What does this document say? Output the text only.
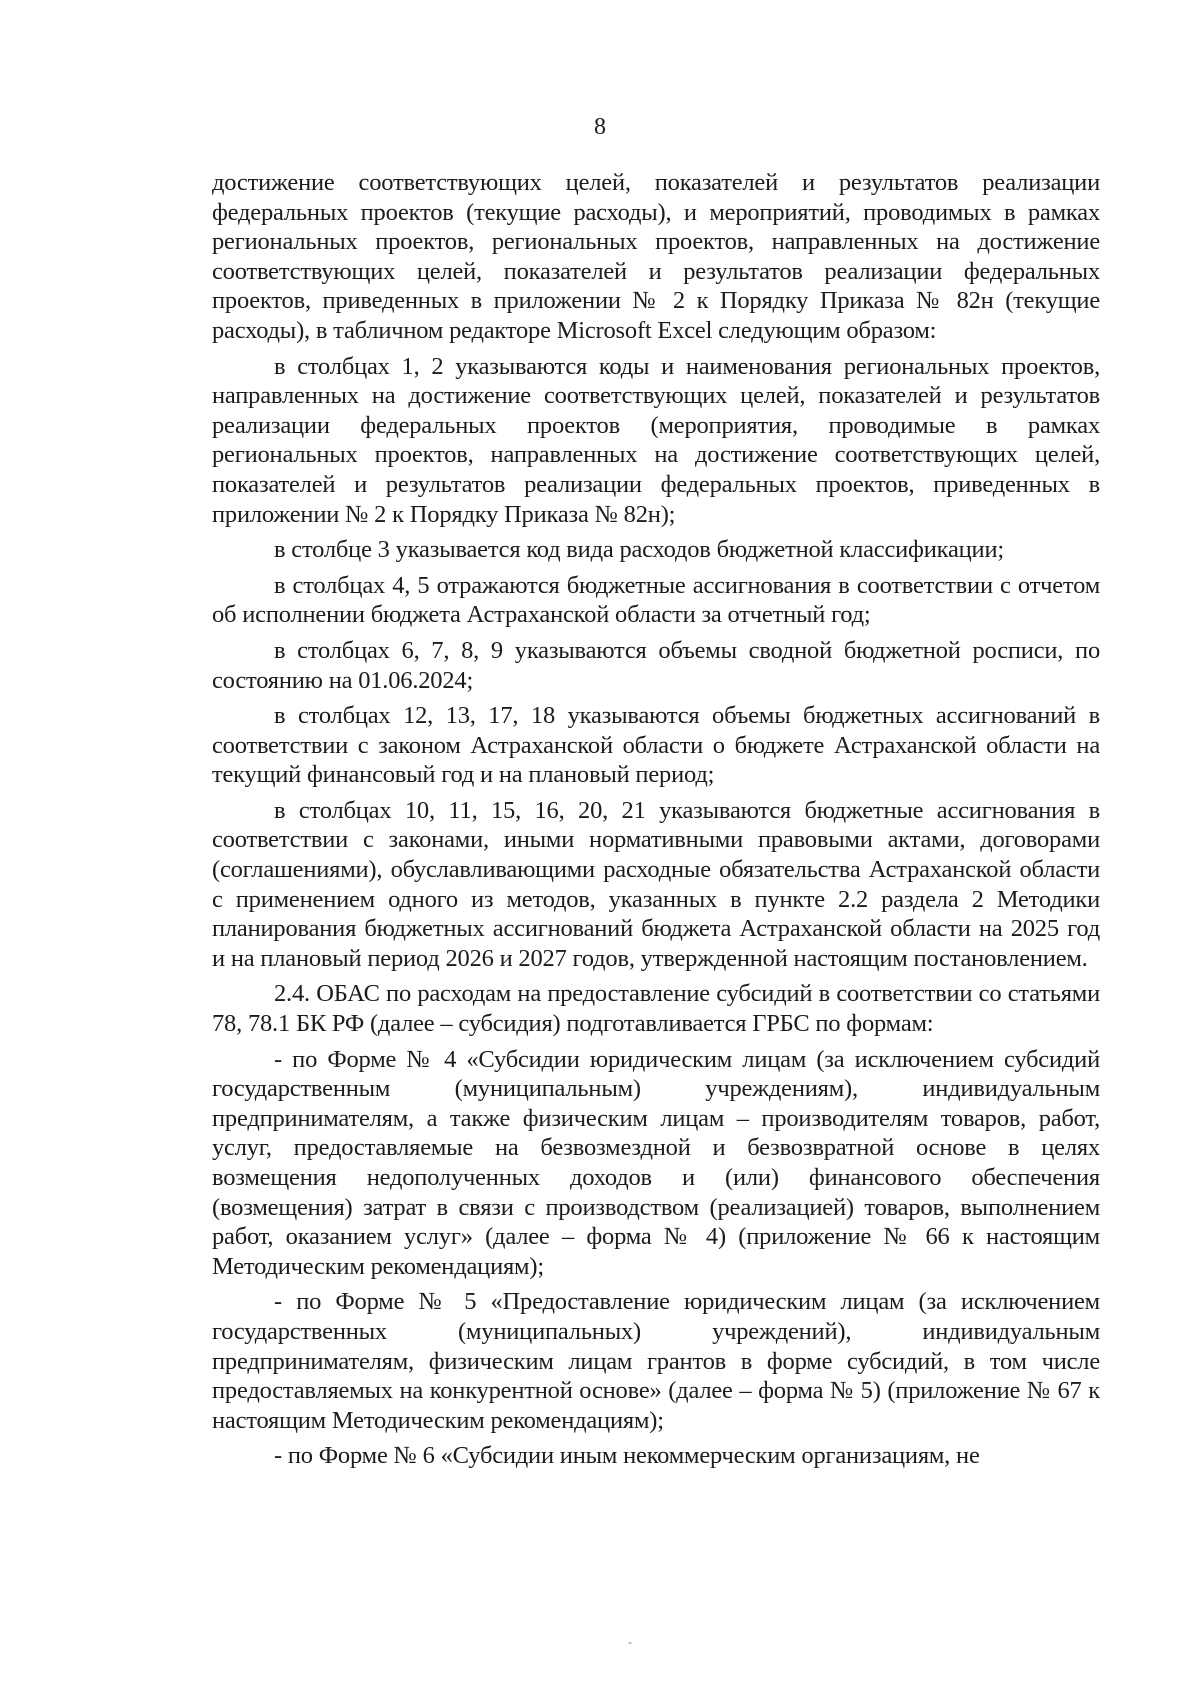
8

достижение соответствующих целей, показателей и результатов реализации федеральных проектов (текущие расходы), и мероприятий, проводимых в рамках региональных проектов, региональных проектов, направленных на достижение соответствующих целей, показателей и результатов реализации федеральных проектов, приведенных в приложении № 2 к Порядку Приказа № 82н (текущие расходы), в табличном редакторе Microsoft Excel следующим образом:

в столбцах 1, 2 указываются коды и наименования региональных проектов, направленных на достижение соответствующих целей, показателей и результатов реализации федеральных проектов (мероприятия, проводимые в рамках региональных проектов, направленных на достижение соответствующих целей, показателей и результатов реализации федеральных проектов, приведенных в приложении № 2 к Порядку Приказа № 82н);

в столбце 3 указывается код вида расходов бюджетной классификации;

в столбцах 4, 5 отражаются бюджетные ассигнования в соответствии с отчетом об исполнении бюджета Астраханской области за отчетный год;

в столбцах 6, 7, 8, 9 указываются объемы сводной бюджетной росписи, по состоянию на 01.06.2024;

в столбцах 12, 13, 17, 18 указываются объемы бюджетных ассигнований в соответствии с законом Астраханской области о бюджете Астраханской области на текущий финансовый год и на плановый период;

в столбцах 10, 11, 15, 16, 20, 21 указываются бюджетные ассигнования в соответствии с законами, иными нормативными правовыми актами, договорами (соглашениями), обуславливающими расходные обязательства Астраханской области с применением одного из методов, указанных в пункте 2.2 раздела 2 Методики планирования бюджетных ассигнований бюджета Астраханской области на 2025 год и на плановый период 2026 и 2027 годов, утвержденной настоящим постановлением.

2.4. ОБАС по расходам на предоставление субсидий в соответствии со статьями 78, 78.1 БК РФ (далее – субсидия) подготавливается ГРБС по формам:

- по Форме № 4 «Субсидии юридическим лицам (за исключением субсидий государственным (муниципальным) учреждениям), индивидуальным предпринимателям, а также физическим лицам – производителям товаров, работ, услуг, предоставляемые на безвозмездной и безвозвратной основе в целях возмещения недополученных доходов и (или) финансового обеспечения (возмещения) затрат в связи с производством (реализацией) товаров, выполнением работ, оказанием услуг» (далее – форма № 4) (приложение № 66 к настоящим Методическим рекомендациям);

- по Форме № 5 «Предоставление юридическим лицам (за исключением государственных (муниципальных) учреждений), индивидуальным предпринимателям, физическим лицам грантов в форме субсидий, в том числе предоставляемых на конкурентной основе» (далее – форма № 5) (приложение № 67 к настоящим Методическим рекомендациям);

- по Форме № 6 «Субсидии иным некоммерческим организациям, не

-
